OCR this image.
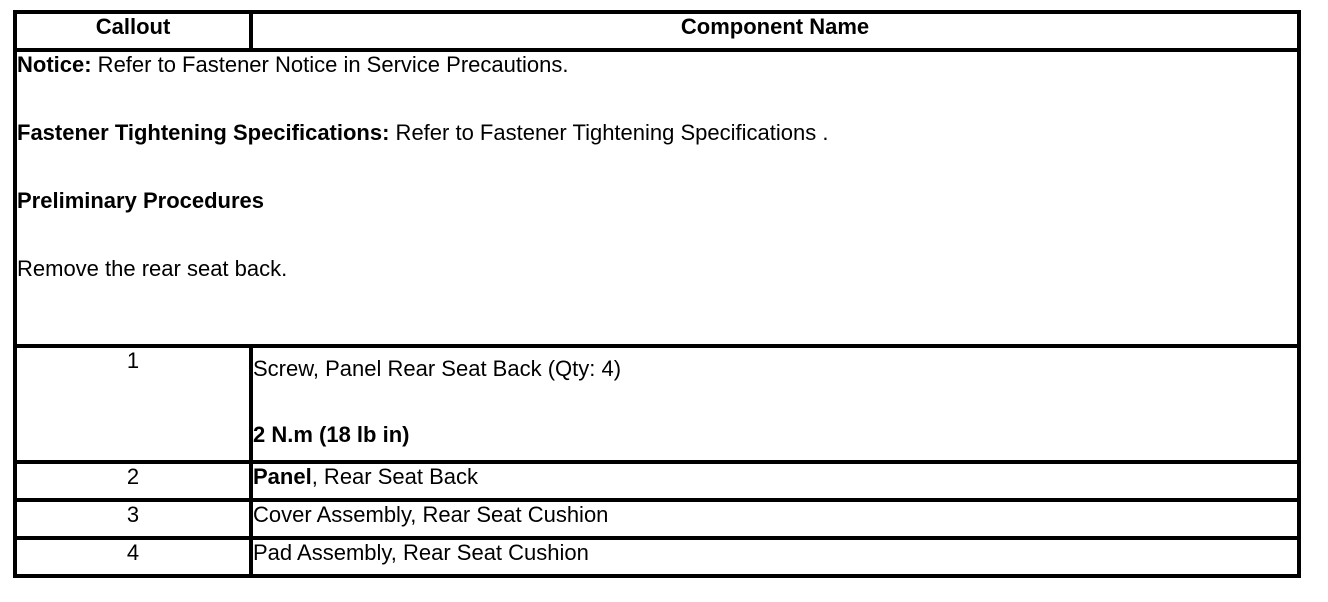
Callout	Component Name

Notice: Refer to Fastener Notice in Service Precautions.
Fastener Tightening Specifications: Refer to Fastener Tightening Specifications .
Preliminary Procedures
Remove the rear seat back.	

1	Screw, Panel Rear Seat Back (Qty: 4)
2 N.m (18 lb in)

2	Panel, Rear Seat Back
3	Cover Assembly, Rear Seat Cushion
4	Pad Assembly, Rear Seat Cushion
